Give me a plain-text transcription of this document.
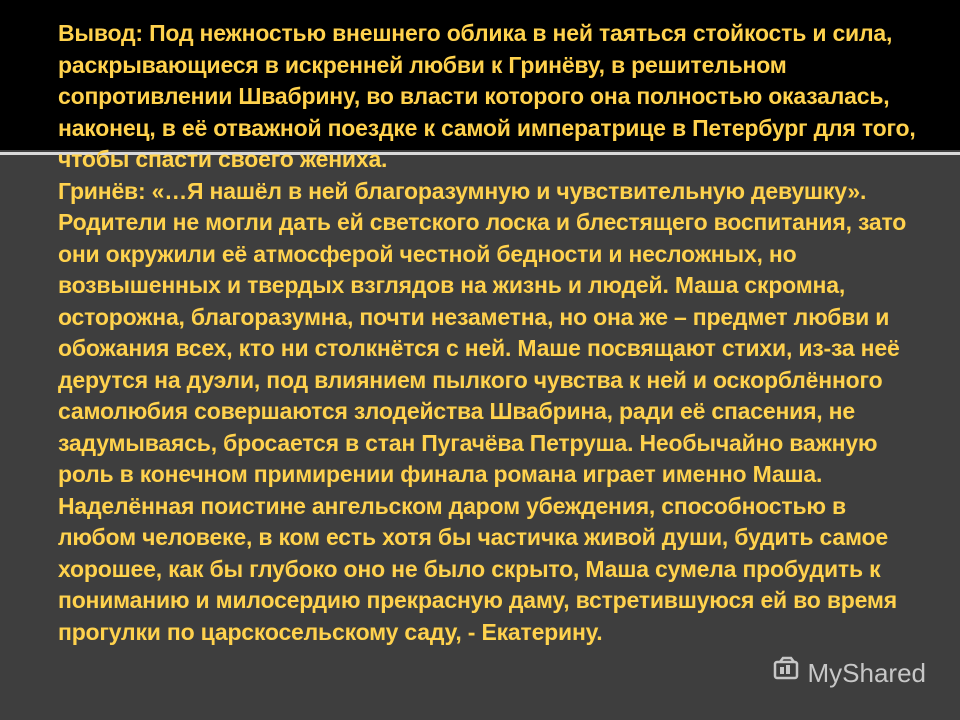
Вывод: Под нежностью внешнего облика в ней таяться стойкость и сила, раскрывающиеся в искренней любви к Гринёву, в решительном сопротивлении Швабрину, во власти которого она полностью оказалась, наконец, в её отважной поездке к самой императрице в Петербург для того, чтобы спасти своего жениха.

Гринёв: «…Я нашёл в ней благоразумную и чувствительную девушку». Родители не могли дать ей светского лоска и блестящего воспитания, зато они окружили её атмосферой честной бедности и несложных, но возвышенных и твердых взглядов на жизнь и людей. Маша скромна, осторожна, благоразумна, почти незаметна, но она же – предмет любви и обожания всех, кто ни столкнётся с ней. Маше посвящают стихи, из-за неё дерутся на дуэли, под влиянием пылкого чувства к ней и оскорблённого самолюбия совершаются злодейства Швабрина, ради её спасения, не задумываясь, бросается в стан Пугачёва Петруша. Необычайно важную роль в конечном примирении финала романа играет именно Маша. Наделённая поистине ангельском даром убеждения, способностью в любом человеке, в ком есть хотя бы частичка живой души, будить самое хорошее, как бы глубоко оно не было скрыто, Маша сумела пробудить к пониманию и милосердию прекрасную даму, встретившуюся ей во время прогулки по царскосельскому саду, - Екатерину.

MyShared
